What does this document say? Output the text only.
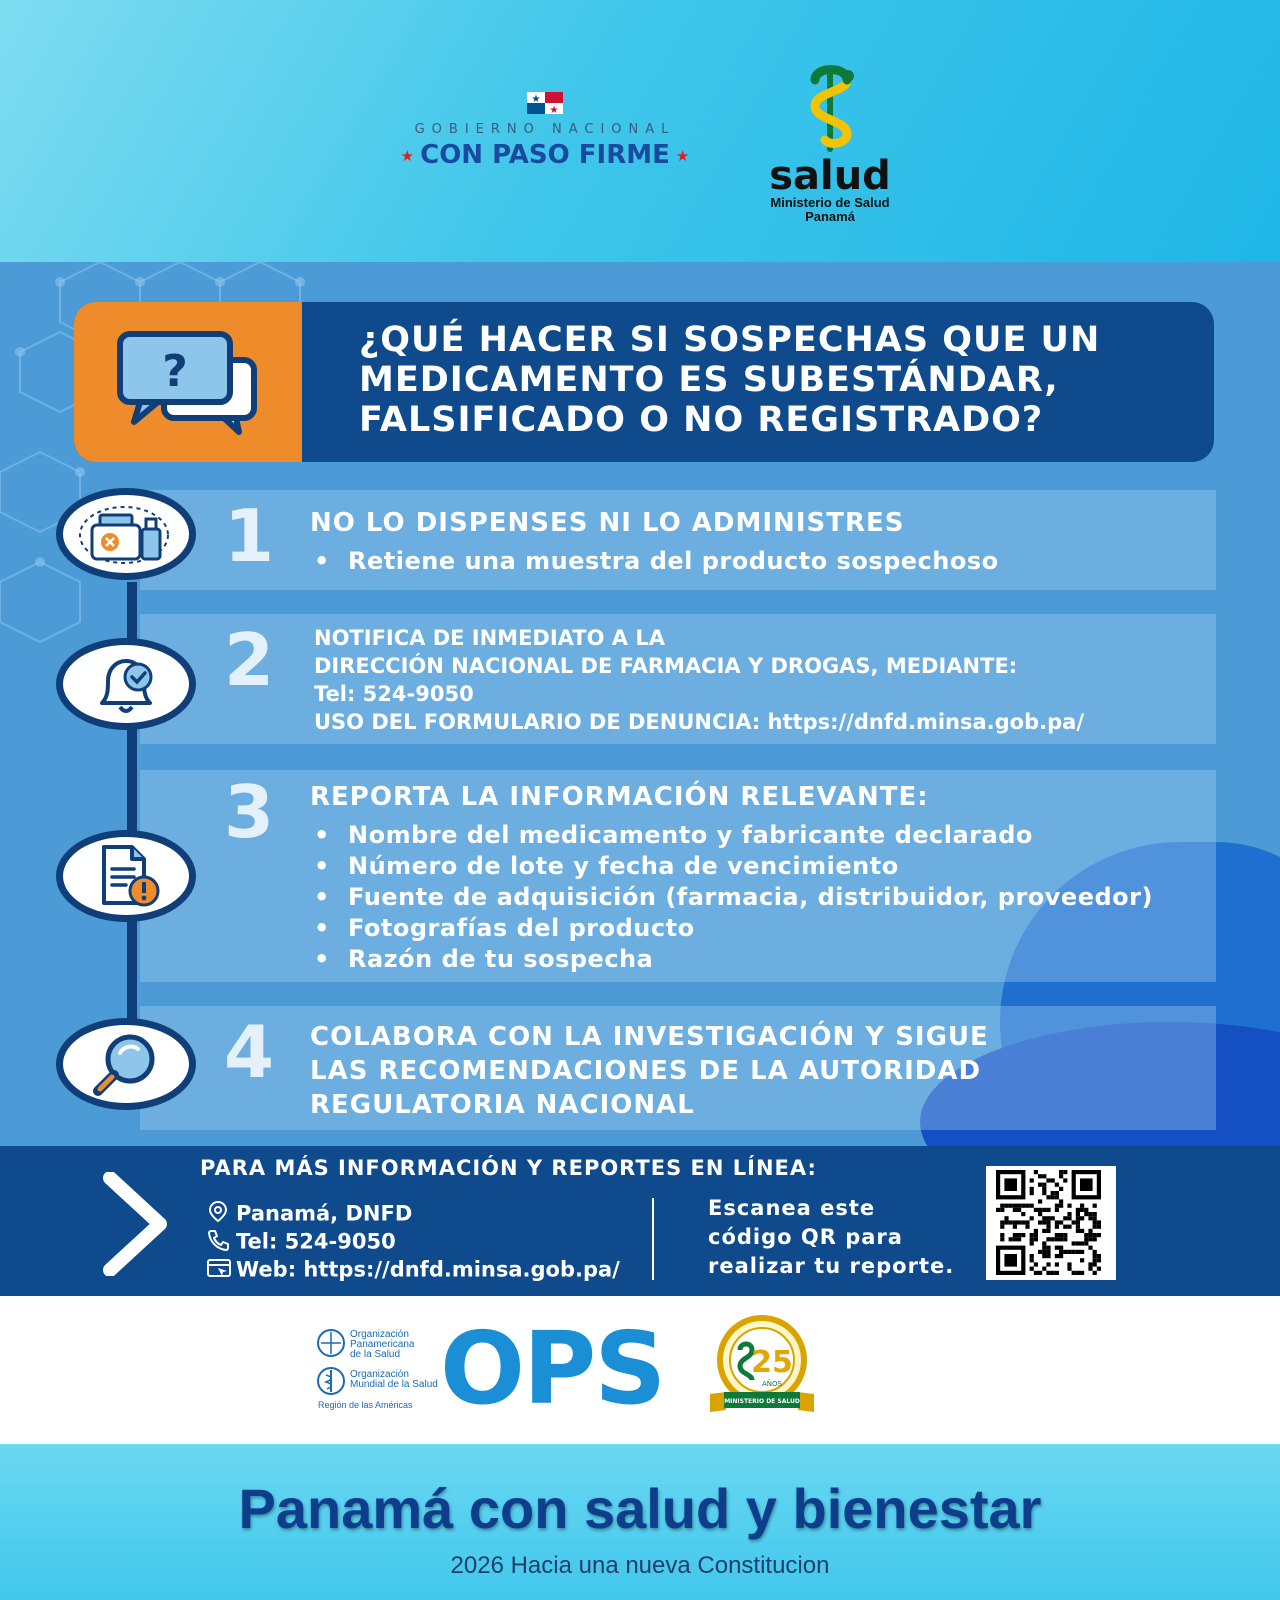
GOBIERNO NACIONAL
★ CON PASO FIRME ★	salud
Ministerio de Salud
Panamá
?
¿QUÉ HACER SI SOSPECHAS QUE UN
MEDICAMENTO ES SUBESTÁNDAR,
FALSIFICADO O NO REGISTRADO?
1 NO LO DISPENSES NI LO ADMINISTRES
• Retiene una muestra del producto sospechoso
2 NOTIFICA DE INMEDIATO A LA
DIRECCIÓN NACIONAL DE FARMACIA Y DROGAS, MEDIANTE:
Tel: 524-9050
USO DEL FORMULARIO DE DENUNCIA: https://dnfd.minsa.gob.pa/
3 REPORTA LA INFORMACIÓN RELEVANTE:
• Nombre del medicamento y fabricante declarado
• Número de lote y fecha de vencimiento
• Fuente de adquisición (farmacia, distribuidor, proveedor)
• Fotografías del producto
• Razón de tu sospecha
4 COLABORA CON LA INVESTIGACIÓN Y SIGUE
LAS RECOMENDACIONES DE LA AUTORIDAD
REGULATORIA NACIONAL
PARA MÁS INFORMACIÓN Y REPORTES EN LÍNEA:
Panamá, DNFD
Tel: 524-9050
Web: https://dnfd.minsa.gob.pa/
Escanea este
código QR para
realizar tu reporte.
Organización
Panamericana
de la Salud
Organización
Mundial de la Salud
Región de las Américas OPS	25
AÑOS
MINISTERIO DE SALUD
Panamá con salud y bienestar
2026 Hacia una nueva Constitucion
